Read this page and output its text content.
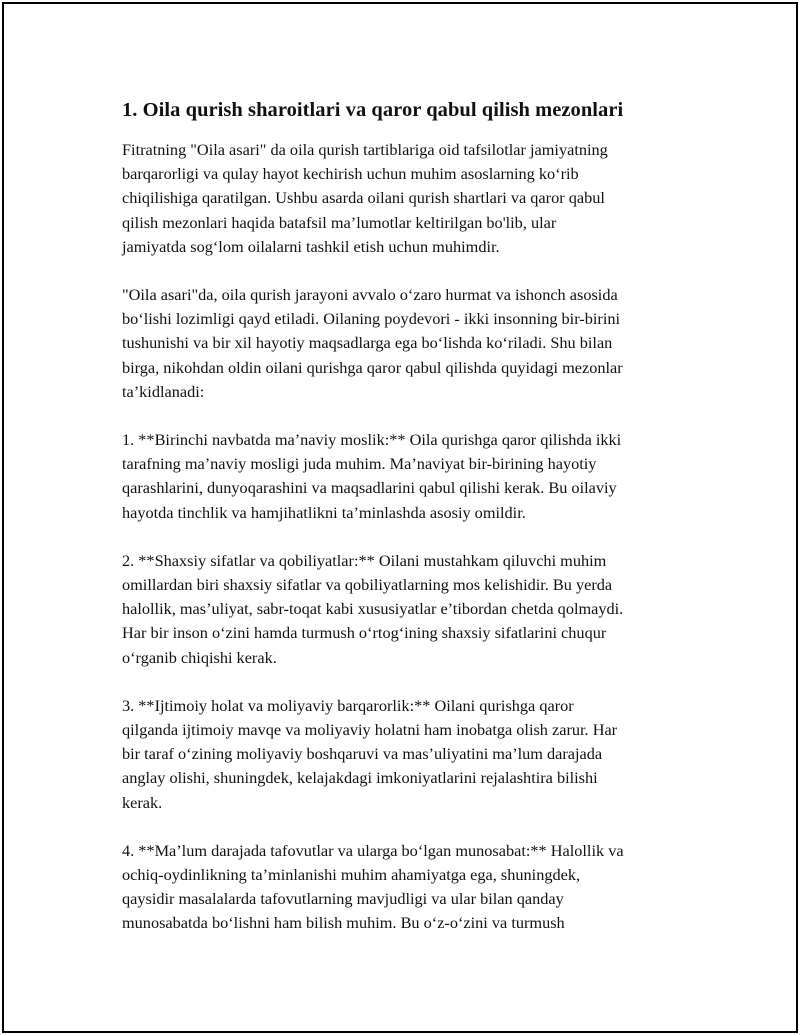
1. Oila qurish sharoitlari va qaror qabul qilish mezonlari
Fitratning "Oila asari" da oila qurish tartiblariga oid tafsilotlar jamiyatning
barqarorligi va qulay hayot kechirish uchun muhim asoslarning ko‘rib
chiqilishiga qaratilgan. Ushbu asarda oilani qurish shartlari va qaror qabul
qilish mezonlari haqida batafsil ma’lumotlar keltirilgan bo'lib, ular
jamiyatda sog‘lom oilalarni tashkil etish uchun muhimdir.
"Oila asari"da, oila qurish jarayoni avvalo o‘zaro hurmat va ishonch asosida
bo‘lishi lozimligi qayd etiladi. Oilaning poydevori - ikki insonning bir-birini
tushunishi va bir xil hayotiy maqsadlarga ega bo‘lishda ko‘riladi. Shu bilan
birga, nikohdan oldin oilani qurishga qaror qabul qilishda quyidagi mezonlar
ta’kidlanadi:
1. **Birinchi navbatda ma’naviy moslik:** Oila qurishga qaror qilishda ikki
tarafning ma’naviy mosligi juda muhim. Ma’naviyat bir-birining hayotiy
qarashlarini, dunyoqarashini va maqsadlarini qabul qilishi kerak. Bu oilaviy
hayotda tinchlik va hamjihatlikni ta’minlashda asosiy omildir.
2. **Shaxsiy sifatlar va qobiliyatlar:** Oilani mustahkam qiluvchi muhim
omillardan biri shaxsiy sifatlar va qobiliyatlarning mos kelishidir. Bu yerda
halollik, mas’uliyat, sabr-toqat kabi xususiyatlar e’tibordan chetda qolmaydi.
Har bir inson o‘zini hamda turmush o‘rtog‘ining shaxsiy sifatlarini chuqur
o‘rganib chiqishi kerak.
3. **Ijtimoiy holat va moliyaviy barqarorlik:** Oilani qurishga qaror
qilganda ijtimoiy mavqe va moliyaviy holatni ham inobatga olish zarur. Har
bir taraf o‘zining moliyaviy boshqaruvi va mas’uliyatini ma’lum darajada
anglay olishi, shuningdek, kelajakdagi imkoniyatlarini rejalashtira bilishi
kerak.
4. **Ma’lum darajada tafovutlar va ularga bo‘lgan munosabat:** Halollik va
ochiq-oydinlikning ta’minlanishi muhim ahamiyatga ega, shuningdek,
qaysidir masalalarda tafovutlarning mavjudligi va ular bilan qanday
munosabatda bo‘lishni ham bilish muhim. Bu o‘z-o‘zini va turmush
